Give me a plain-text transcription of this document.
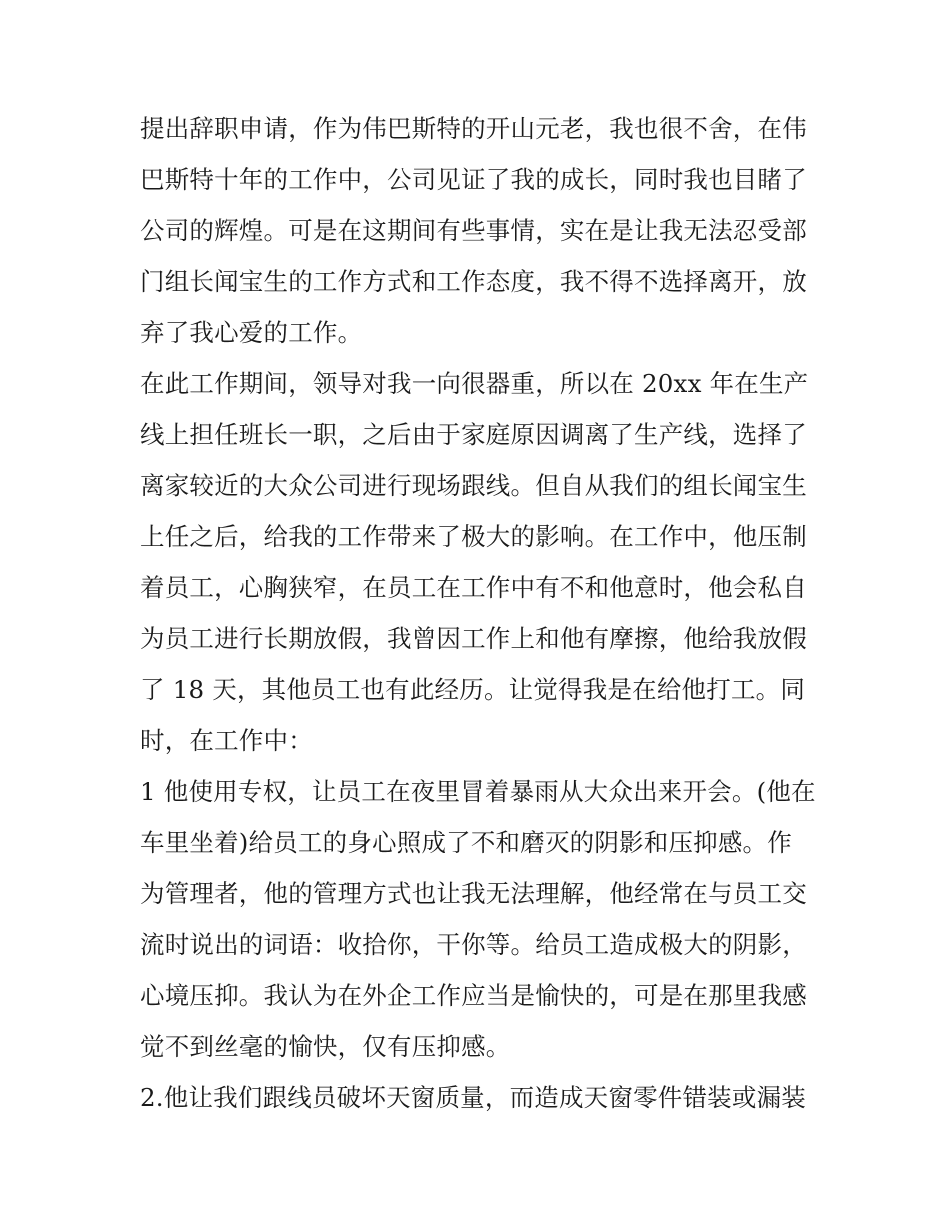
提出辞职申请，作为伟巴斯特的开山元老，我也很不舍，在伟
巴斯特十年的工作中，公司见证了我的成长，同时我也目睹了
公司的辉煌。可是在这期间有些事情，实在是让我无法忍受部
门组长闻宝生的工作方式和工作态度，我不得不选择离开，放
弃了我心爱的工作。
在此工作期间，领导对我一向很器重，所以在 20xx 年在生产
线上担任班长一职，之后由于家庭原因调离了生产线，选择了
离家较近的大众公司进行现场跟线。但自从我们的组长闻宝生
上任之后，给我的工作带来了极大的影响。在工作中，他压制
着员工，心胸狭窄，在员工在工作中有不和他意时，他会私自
为员工进行长期放假，我曾因工作上和他有摩擦，他给我放假
了 18 天，其他员工也有此经历。让觉得我是在给他打工。同
时，在工作中：
1 他使用专权，让员工在夜里冒着暴雨从大众出来开会。(他在
车里坐着)给员工的身心照成了不和磨灭的阴影和压抑感。作
为管理者，他的管理方式也让我无法理解，他经常在与员工交
流时说出的词语：收拾你，干你等。给员工造成极大的阴影，
心境压抑。我认为在外企工作应当是愉快的，可是在那里我感
觉不到丝毫的愉快，仅有压抑感。
2.他让我们跟线员破坏天窗质量，而造成天窗零件错装或漏装
